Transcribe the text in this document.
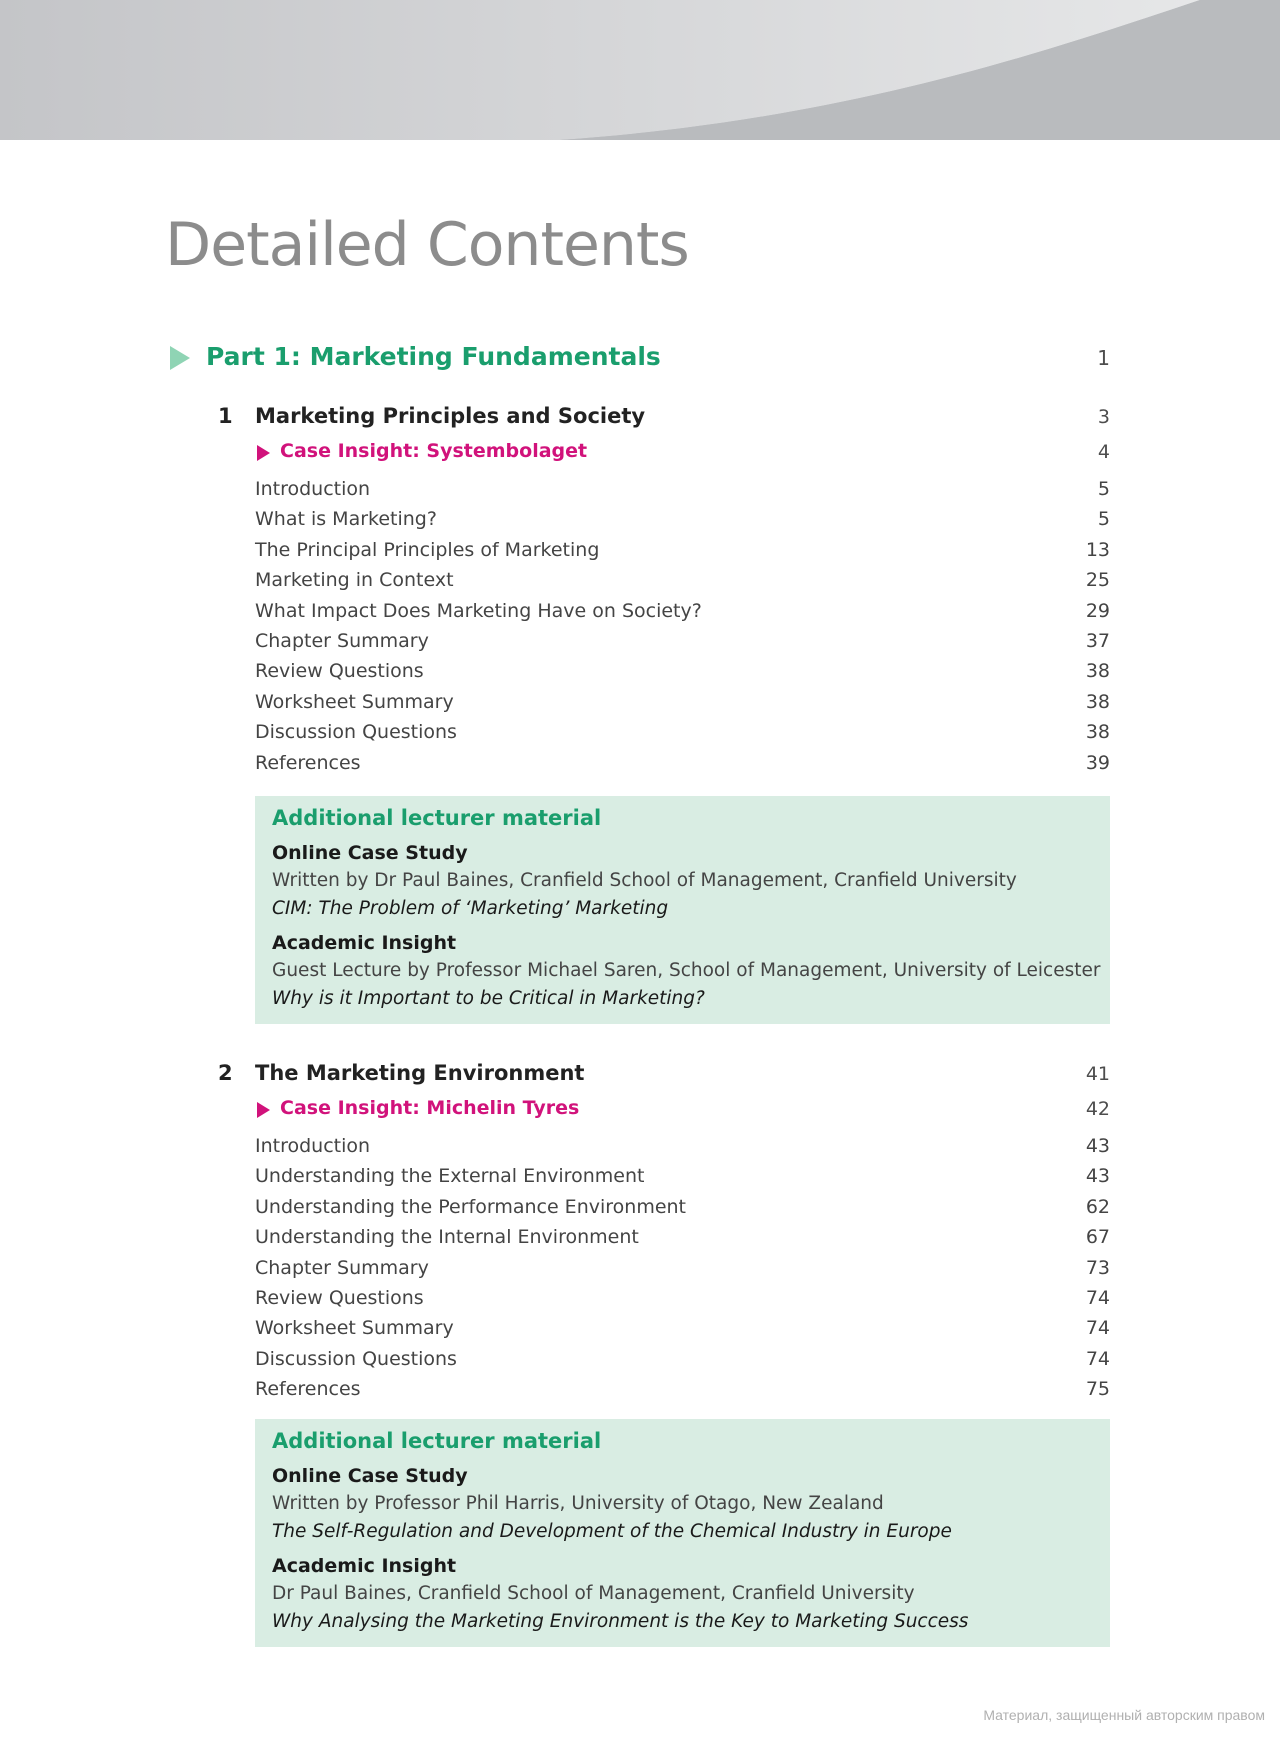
Detailed Contents
Part 1: Marketing Fundamentals	1
1 Marketing Principles and Society	3
Case Insight: Systembolaget	4
Introduction	5
What is Marketing?	5
The Principal Principles of Marketing	13
Marketing in Context	25
What Impact Does Marketing Have on Society?	29
Chapter Summary	37
Review Questions	38
Worksheet Summary	38
Discussion Questions	38
References	39
Additional lecturer material
Online Case Study
Written by Dr Paul Baines, Cranfield School of Management, Cranfield University
CIM: The Problem of ‘Marketing’ Marketing
Academic Insight
Guest Lecture by Professor Michael Saren, School of Management, University of Leicester
Why is it Important to be Critical in Marketing?
2 The Marketing Environment	41
Case Insight: Michelin Tyres	42
Introduction	43
Understanding the External Environment	43
Understanding the Performance Environment	62
Understanding the Internal Environment	67
Chapter Summary	73
Review Questions	74
Worksheet Summary	74
Discussion Questions	74
References	75
Additional lecturer material
Online Case Study
Written by Professor Phil Harris, University of Otago, New Zealand
The Self-Regulation and Development of the Chemical Industry in Europe
Academic Insight
Dr Paul Baines, Cranfield School of Management, Cranfield University
Why Analysing the Marketing Environment is the Key to Marketing Success
Материал, защищенный авторским правом
